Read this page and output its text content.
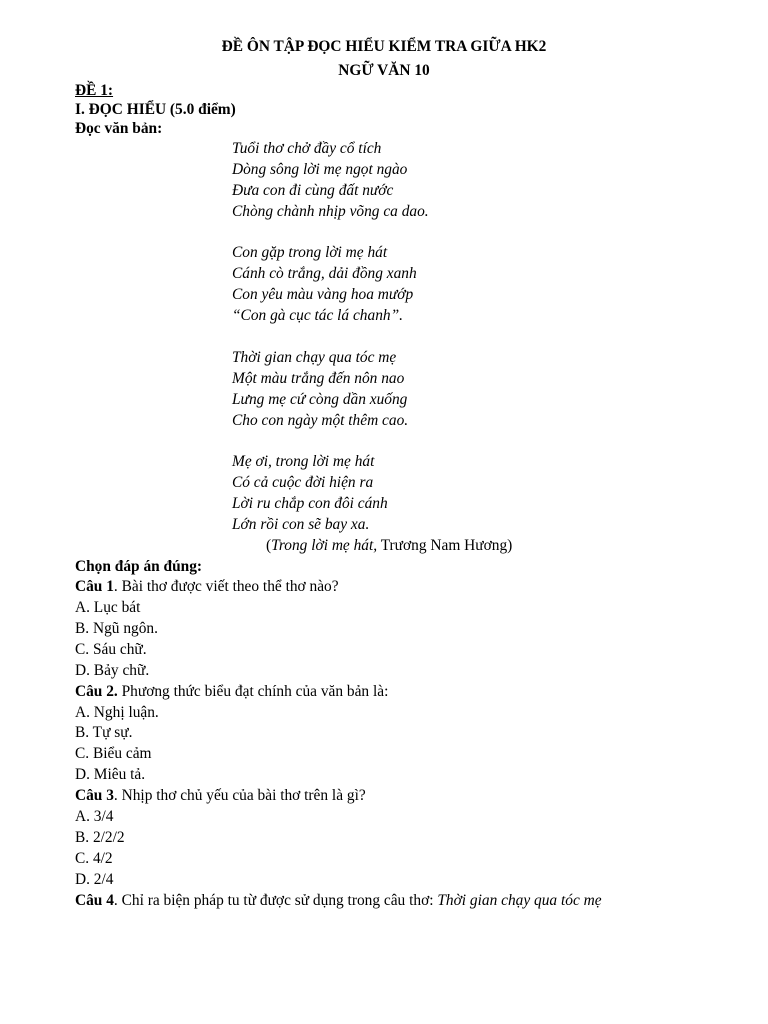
ĐỀ ÔN TẬP ĐỌC HIỂU KIỂM TRA GIỮA HK2
NGỮ VĂN 10
ĐỀ 1:
I. ĐỌC HIỂU (5.0 điểm)
Đọc văn bản:
Tuổi thơ chở đầy cổ tích
Dòng sông lời mẹ ngọt ngào
Đưa con đi cùng đất nước
Chòng chành nhịp võng ca dao.
Con gặp trong lời mẹ hát
Cánh cò trắng, dải đồng xanh
Con yêu màu vàng hoa mướp
“Con gà cục tác lá chanh”.
Thời gian chạy qua tóc mẹ
Một màu trắng đến nôn nao
Lưng mẹ cứ còng dần xuống
Cho con ngày một thêm cao.
Mẹ ơi, trong lời mẹ hát
Có cả cuộc đời hiện ra
Lời ru chắp con đôi cánh
Lớn rồi con sẽ bay xa.
(Trong lời mẹ hát, Trương Nam Hương)
Chọn đáp án đúng:
Câu 1. Bài thơ được viết theo thể thơ nào?
A. Lục bát
B. Ngũ ngôn.
C. Sáu chữ.
D. Bảy chữ.
Câu 2. Phương thức biểu đạt chính của văn bản là:
A. Nghị luận.
B. Tự sự.
C. Biểu cảm
D. Miêu tả.
Câu 3. Nhịp thơ chủ yếu của bài thơ trên là gì?
A. 3/4
B. 2/2/2
C. 4/2
D. 2/4
Câu 4. Chỉ ra biện pháp tu từ được sử dụng trong câu thơ: Thời gian chạy qua tóc mẹ
